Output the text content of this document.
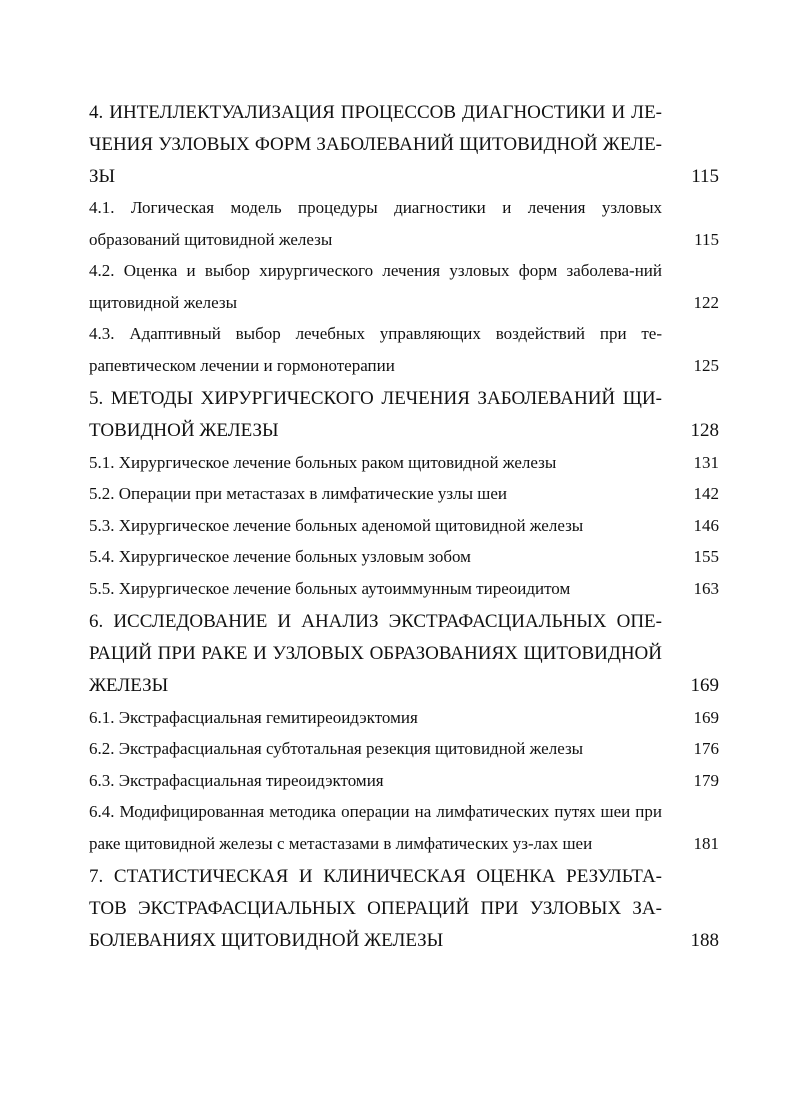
4. ИНТЕЛЛЕКТУАЛИЗАЦИЯ ПРОЦЕССОВ ДИАГНОСТИКИ И ЛЕ-ЧЕНИЯ УЗЛОВЫХ ФОРМ ЗАБОЛЕВАНИЙ ЩИТОВИДНОЙ ЖЕЛЕ-ЗЫ	115
4.1. Логическая модель процедуры диагностики и лечения узловых образований щитовидной железы	115
4.2. Оценка и выбор хирургического лечения узловых форм заболева-ний щитовидной железы	122
4.3. Адаптивный выбор лечебных управляющих воздействий при те-рапевтическом лечении и гормонотерапии	125
5. МЕТОДЫ ХИРУРГИЧЕСКОГО ЛЕЧЕНИЯ ЗАБОЛЕВАНИЙ ЩИ-ТОВИДНОЙ ЖЕЛЕЗЫ	128
5.1. Хирургическое лечение больных раком щитовидной железы	131
5.2. Операции при метастазах в лимфатические узлы шеи	142
5.3. Хирургическое лечение больных аденомой щитовидной железы	146
5.4. Хирургическое лечение больных узловым зобом	155
5.5. Хирургическое лечение больных аутоиммунным тиреоидитом	163
6. ИССЛЕДОВАНИЕ И АНАЛИЗ ЭКСТРАФАСЦИАЛЬНЫХ ОПЕ-РАЦИЙ ПРИ РАКЕ И УЗЛОВЫХ ОБРАЗОВАНИЯХ ЩИТОВИДНОЙ ЖЕЛЕЗЫ	169
6.1. Экстрафасциальная гемитиреоидэктомия	169
6.2. Экстрафасциальная субтотальная резекция щитовидной железы	176
6.3. Экстрафасциальная тиреоидэктомия	179
6.4. Модифицированная методика операции на лимфатических путях шеи при раке щитовидной железы с метастазами в лимфатических уз-лах шеи	181
7. СТАТИСТИЧЕСКАЯ И КЛИНИЧЕСКАЯ ОЦЕНКА РЕЗУЛЬТА-ТОВ ЭКСТРАФАСЦИАЛЬНЫХ ОПЕРАЦИЙ ПРИ УЗЛОВЫХ ЗА-БОЛЕВАНИЯХ ЩИТОВИДНОЙ ЖЕЛЕЗЫ	188
